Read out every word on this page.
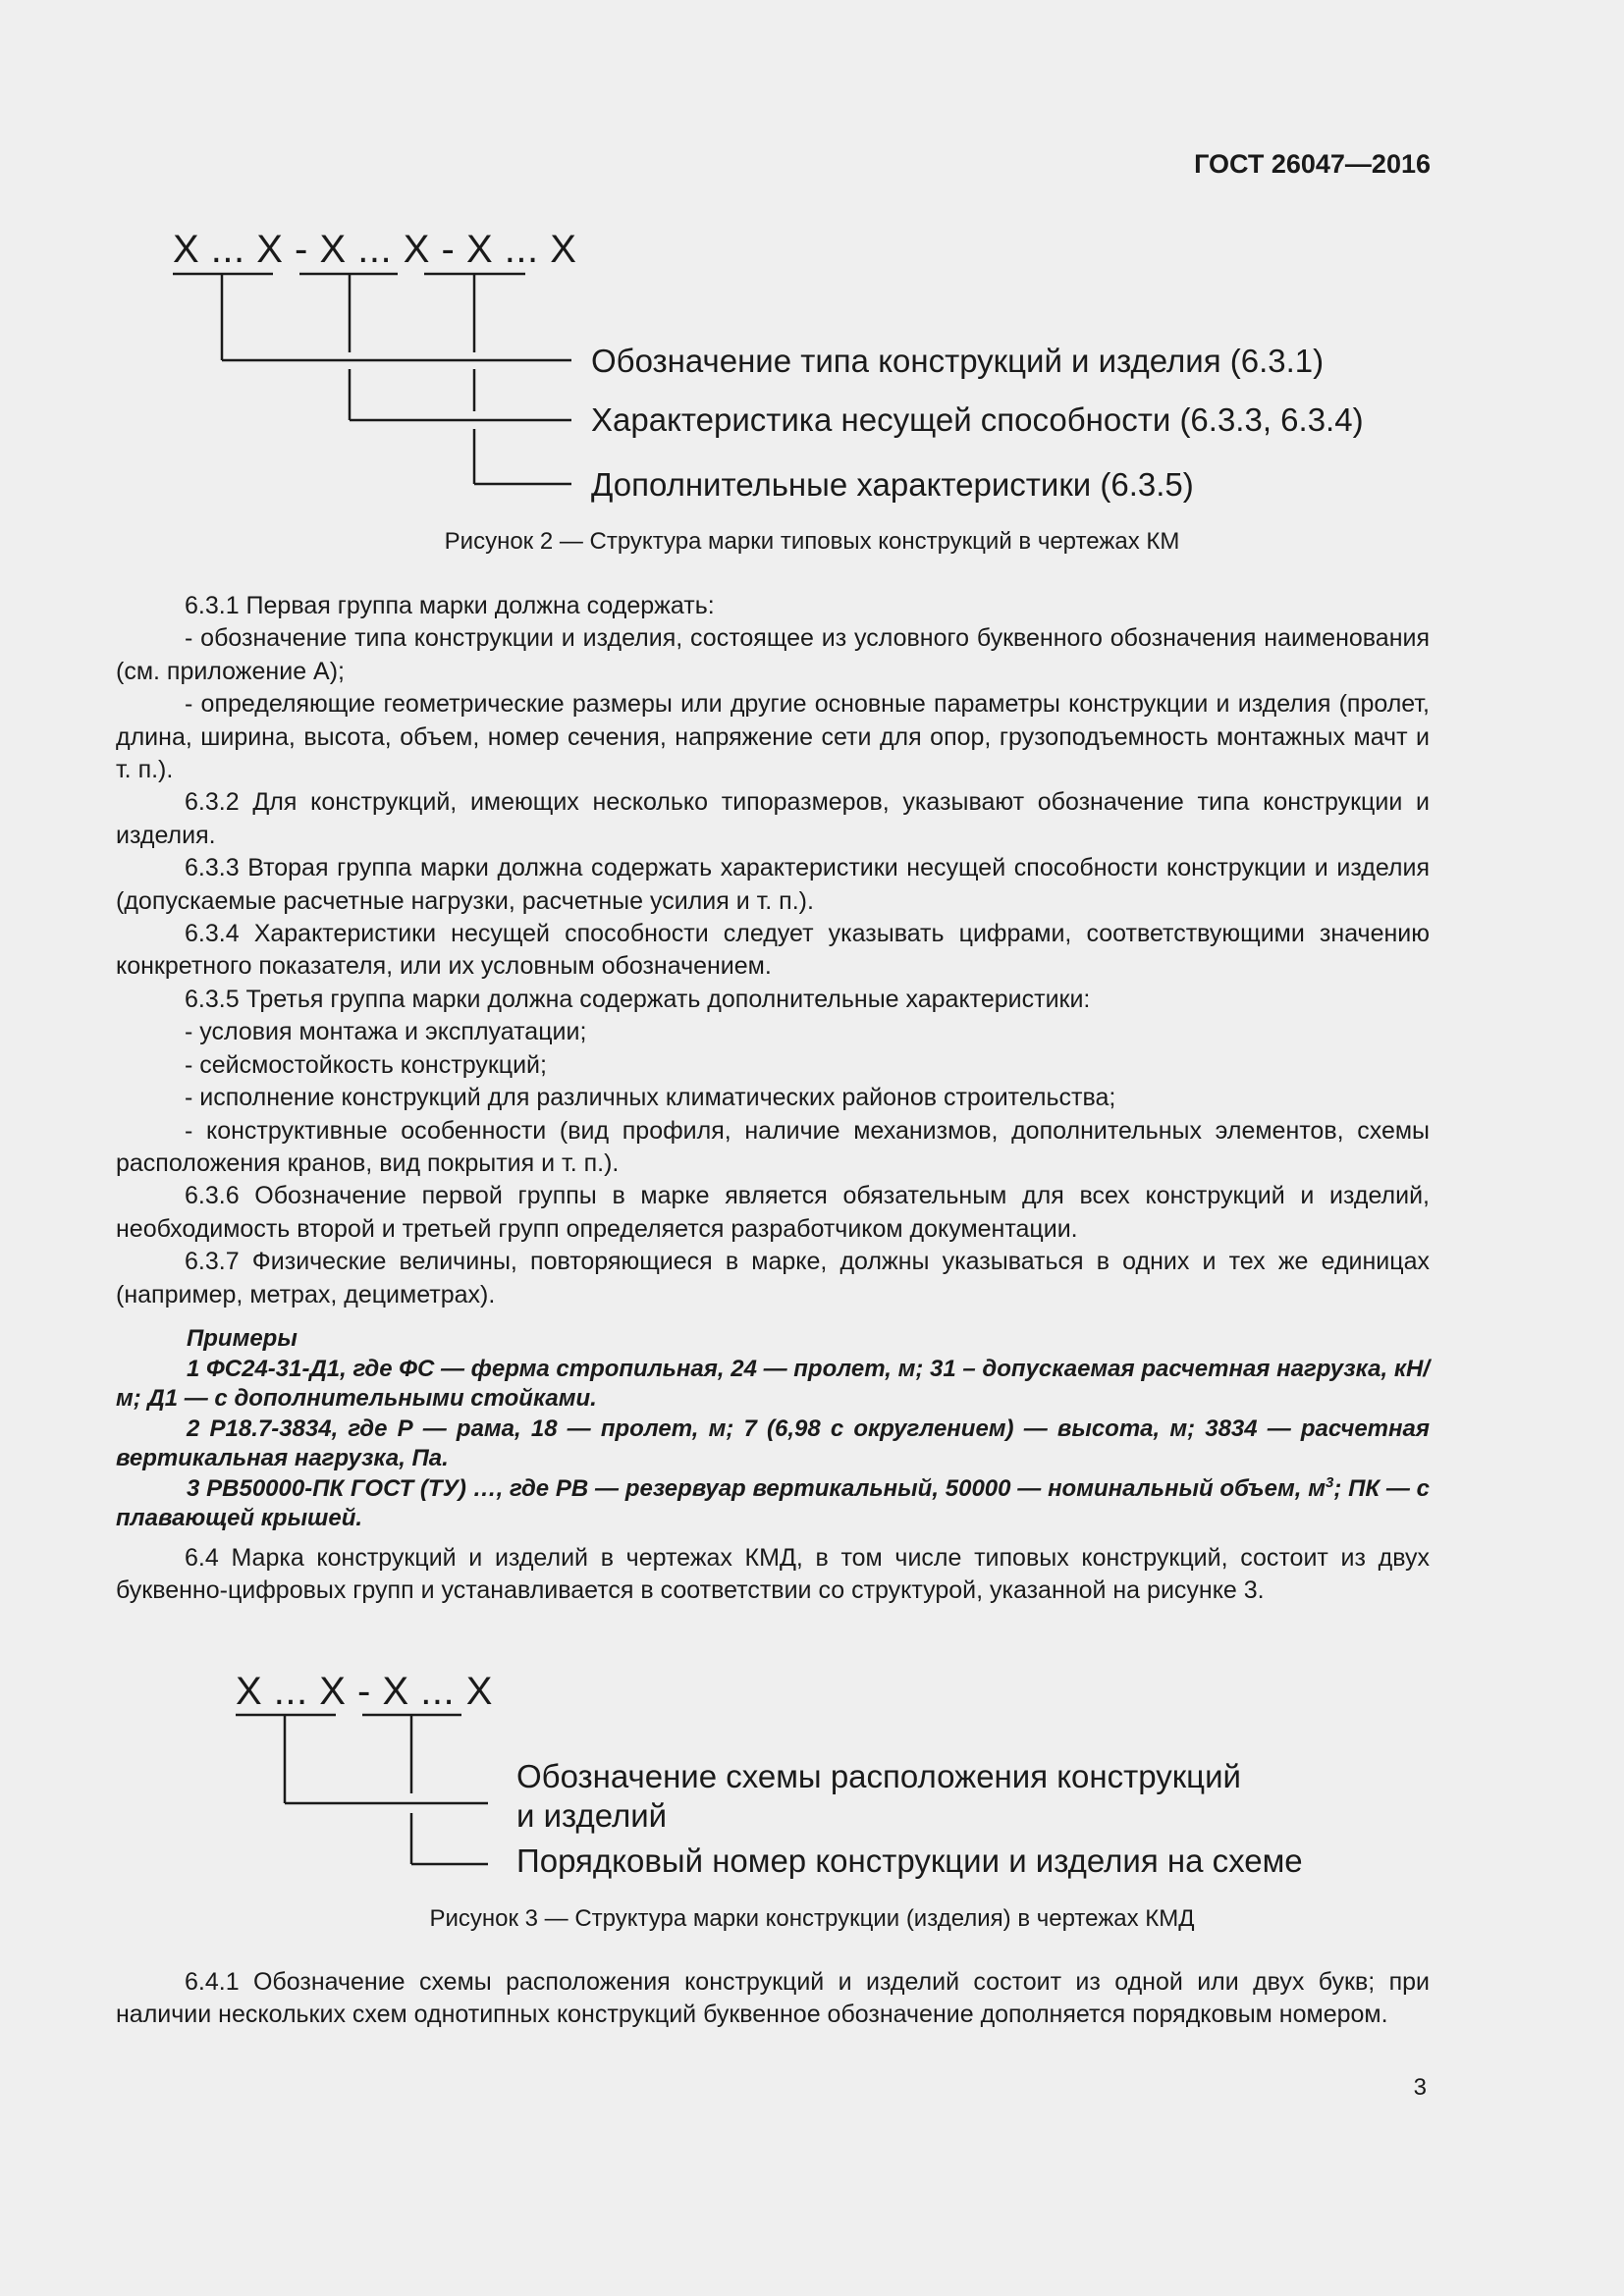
ГОСТ 26047—2016
X ... X - X ... X - X ... X
Обозначение типа конструкций и изделия (6.3.1)
Характеристика несущей способности (6.3.3, 6.3.4)
Дополнительные характеристики (6.3.5)
Рисунок 2 — Структура марки типовых конструкций в чертежах КМ

6.3.1 Первая группа марки должна содержать:

- обозначение типа конструкции и изделия, состоящее из условного буквенного обозначения наименования (см. приложение А);

- определяющие геометрические размеры или другие основные параметры конструкции и изделия (пролет, длина, ширина, высота, объем, номер сечения, напряжение сети для опор, грузоподъемность монтажных мачт и т. п.).

6.3.2 Для конструкций, имеющих несколько типоразмеров, указывают обозначение типа конструкции и изделия.

6.3.3 Вторая группа марки должна содержать характеристики несущей способности конструкции и изделия (допускаемые расчетные нагрузки, расчетные усилия и т. п.).

6.3.4 Характеристики несущей способности следует указывать цифрами, соответствующими значению конкретного показателя, или их условным обозначением.

6.3.5 Третья группа марки должна содержать дополнительные характеристики:

- условия монтажа и эксплуатации;

- сейсмостойкость конструкций;

- исполнение конструкций для различных климатических районов строительства;

- конструктивные особенности (вид профиля, наличие механизмов, дополнительных элементов, схемы расположения кранов, вид покрытия и т. п.).

6.3.6 Обозначение первой группы в марке является обязательным для всех конструкций и изделий, необходимость второй и третьей групп определяется разработчиком документации.

6.3.7 Физические величины, повторяющиеся в марке, должны указываться в одних и тех же единицах (например, метрах, дециметрах).

Примеры

1 ФС24-31-Д1, где ФС — ферма стропильная, 24 — пролет, м; 31 – допускаемая расчетная нагрузка, кН/м; Д1 — с дополнительными стойками.

2 Р18.7-3834, где Р — рама, 18 — пролет, м; 7 (6,98 с округлением) — высота, м; 3834 — расчетная вертикальная нагрузка, Па.

3 РВ50000-ПК ГОСТ (ТУ) …, где РВ — резервуар вертикальный, 50000 — номинальный объем, $м^3$; ПК — с плавающей крышей.

6.4 Марка конструкций и изделий в чертежах КМД, в том числе типовых конструкций, состоит из двух буквенно-цифровых групп и устанавливается в соответствии со структурой, указанной на рисунке 3.

X ... X - X ... X
Обозначение схемы расположения конструкций
и изделий
Порядковый номер конструкции и изделия на схеме
Рисунок 3 — Структура марки конструкции (изделия) в чертежах КМД

6.4.1 Обозначение схемы расположения конструкций и изделий состоит из одной или двух букв; при наличии нескольких схем однотипных конструкций буквенное обозначение дополняется порядковым номером.

3
